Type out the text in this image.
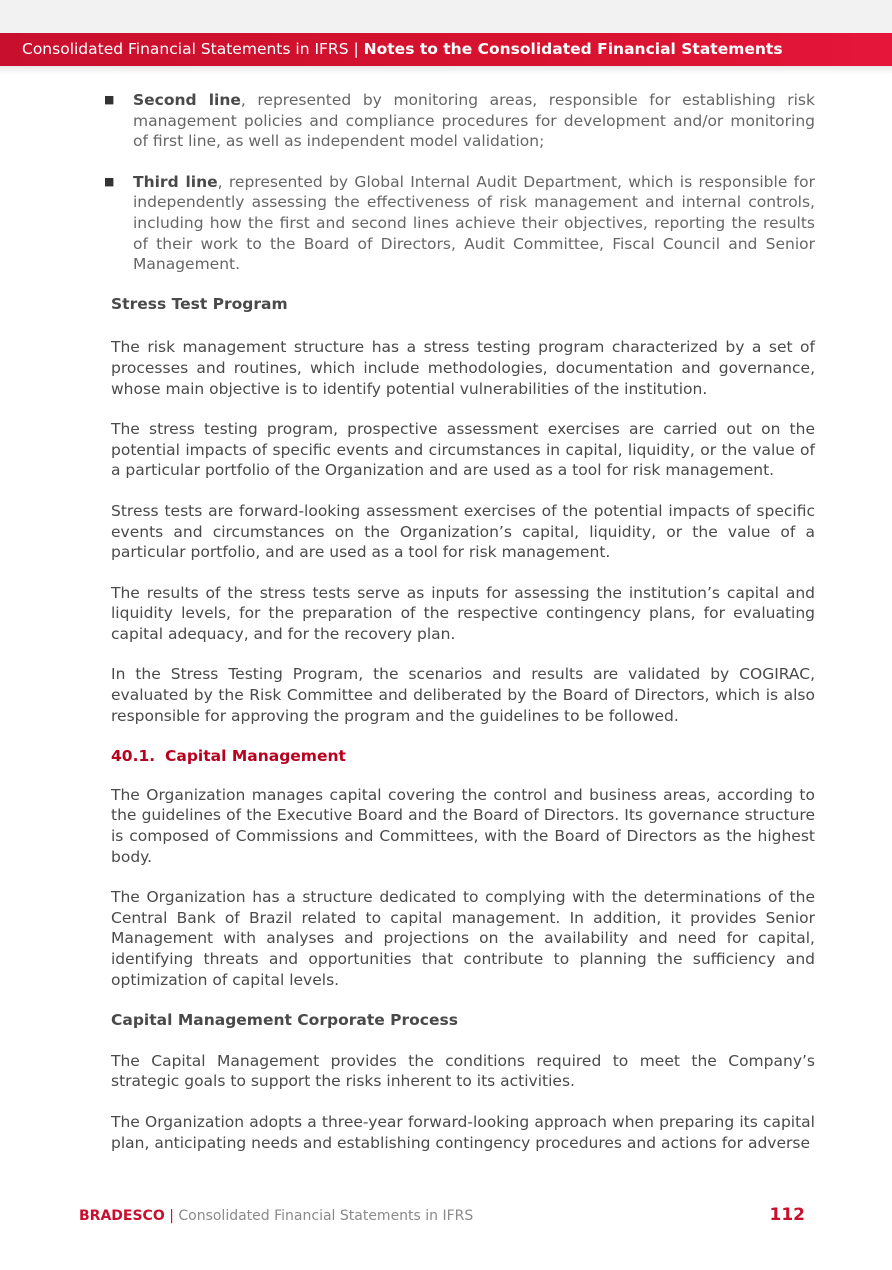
Consolidated Financial Statements in IFRS | Notes to the Consolidated Financial Statements
■ Second line, represented by monitoring areas, responsible for establishing risk management policies and compliance procedures for development and/or monitoring of first line, as well as independent model validation;
■ Third line, represented by Global Internal Audit Department, which is responsible for independently assessing the effectiveness of risk management and internal controls, including how the first and second lines achieve their objectives, reporting the results of their work to the Board of Directors, Audit Committee, Fiscal Council and Senior Management.
Stress Test Program

The risk management structure has a stress testing program characterized by a set of processes and routines, which include methodologies, documentation and governance, whose main objective is to identify potential vulnerabilities of the institution.

The stress testing program, prospective assessment exercises are carried out on the potential impacts of specific events and circumstances in capital, liquidity, or the value of a particular portfolio of the Organization and are used as a tool for risk management.

Stress tests are forward-looking assessment exercises of the potential impacts of specific events and circumstances on the Organization’s capital, liquidity, or the value of a particular portfolio, and are used as a tool for risk management.

The results of the stress tests serve as inputs for assessing the institution’s capital and liquidity levels, for the preparation of the respective contingency plans, for evaluating capital adequacy, and for the recovery plan.

In the Stress Testing Program, the scenarios and results are validated by COGIRAC, evaluated by the Risk Committee and deliberated by the Board of Directors, which is also responsible for approving the program and the guidelines to be followed.

40.1. Capital Management

The Organization manages capital covering the control and business areas, according to the guidelines of the Executive Board and the Board of Directors. Its governance structure is composed of Commissions and Committees, with the Board of Directors as the highest body.

The Organization has a structure dedicated to complying with the determinations of the Central Bank of Brazil related to capital management. In addition, it provides Senior Management with analyses and projections on the availability and need for capital, identifying threats and opportunities that contribute to planning the sufficiency and optimization of capital levels.

Capital Management Corporate Process

The Capital Management provides the conditions required to meet the Company’s strategic goals to support the risks inherent to its activities.

The Organization adopts a three-year forward-looking approach when preparing its capital plan, anticipating needs and establishing contingency procedures and actions for adverse

BRADESCO | Consolidated Financial Statements in IFRS	112
